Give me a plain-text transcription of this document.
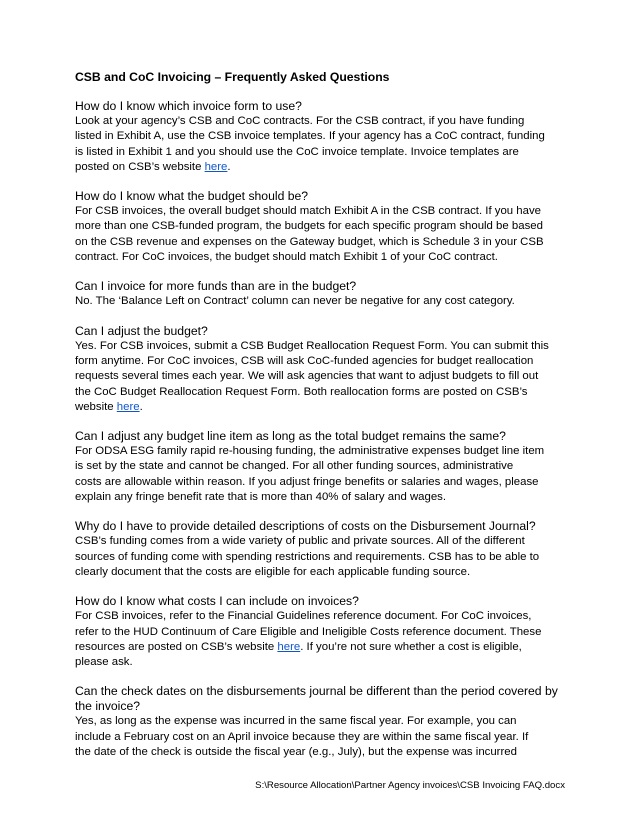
CSB and CoC Invoicing – Frequently Asked Questions
How do I know which invoice form to use?
Look at your agency’s CSB and CoC contracts. For the CSB contract, if you have funding
listed in Exhibit A, use the CSB invoice templates. If your agency has a CoC contract, funding
is listed in Exhibit 1 and you should use the CoC invoice template. Invoice templates are
posted on CSB’s website here.
How do I know what the budget should be?
For CSB invoices, the overall budget should match Exhibit A in the CSB contract. If you have
more than one CSB-funded program, the budgets for each specific program should be based
on the CSB revenue and expenses on the Gateway budget, which is Schedule 3 in your CSB
contract. For CoC invoices, the budget should match Exhibit 1 of your CoC contract.
Can I invoice for more funds than are in the budget?
No. The ‘Balance Left on Contract’ column can never be negative for any cost category.
Can I adjust the budget?
Yes. For CSB invoices, submit a CSB Budget Reallocation Request Form. You can submit this
form anytime. For CoC invoices, CSB will ask CoC-funded agencies for budget reallocation
requests several times each year. We will ask agencies that want to adjust budgets to fill out
the CoC Budget Reallocation Request Form. Both reallocation forms are posted on CSB’s
website here.
Can I adjust any budget line item as long as the total budget remains the same?
For ODSA ESG family rapid re-housing funding, the administrative expenses budget line item
is set by the state and cannot be changed. For all other funding sources, administrative
costs are allowable within reason. If you adjust fringe benefits or salaries and wages, please
explain any fringe benefit rate that is more than 40% of salary and wages.
Why do I have to provide detailed descriptions of costs on the Disbursement Journal?
CSB’s funding comes from a wide variety of public and private sources. All of the different
sources of funding come with spending restrictions and requirements. CSB has to be able to
clearly document that the costs are eligible for each applicable funding source.
How do I know what costs I can include on invoices?
For CSB invoices, refer to the Financial Guidelines reference document. For CoC invoices,
refer to the HUD Continuum of Care Eligible and Ineligible Costs reference document. These
resources are posted on CSB’s website here. If you’re not sure whether a cost is eligible,
please ask.
Can the check dates on the disbursements journal be different than the period covered by the invoice?
Yes, as long as the expense was incurred in the same fiscal year. For example, you can
include a February cost on an April invoice because they are within the same fiscal year. If
the date of the check is outside the fiscal year (e.g., July), but the expense was incurred
S:\Resource Allocation\Partner Agency invoices\CSB Invoicing FAQ.docx
